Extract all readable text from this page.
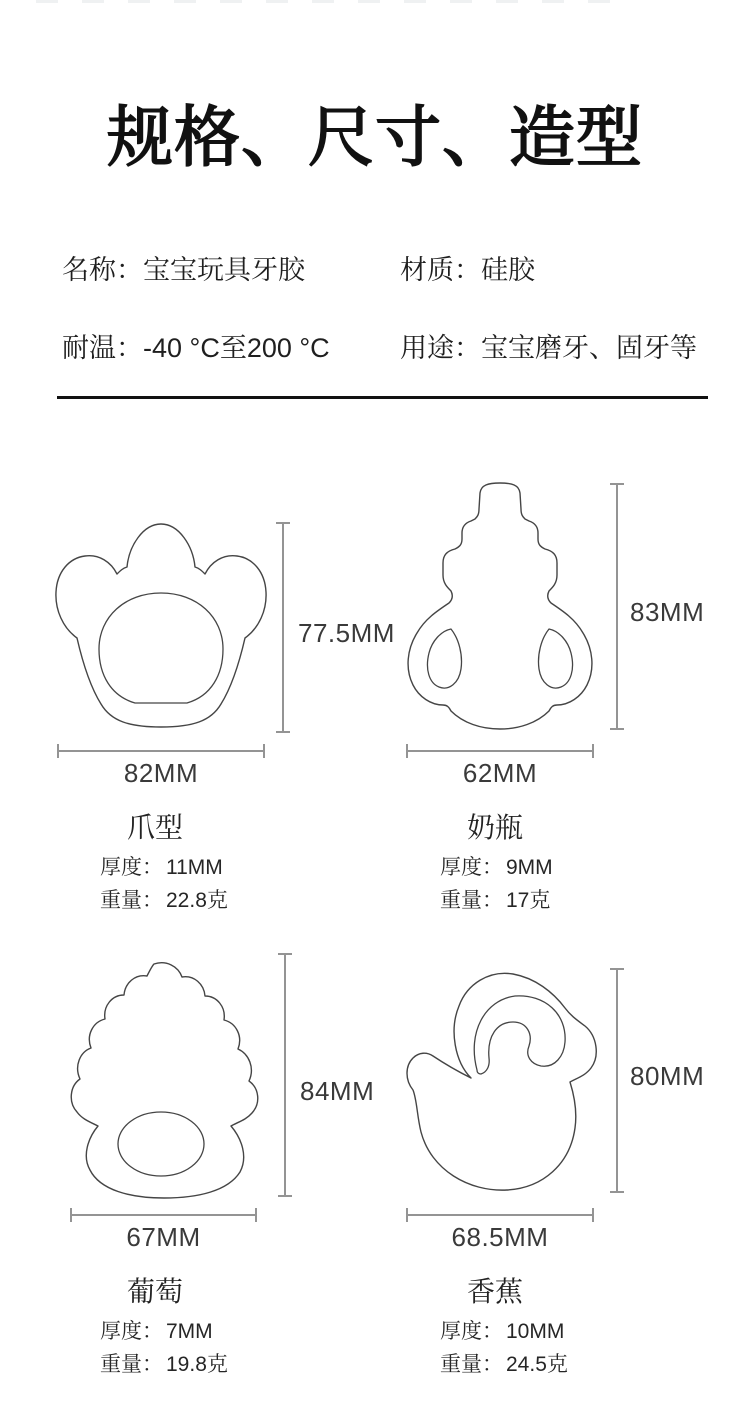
规格、尺寸、造型
名称：宝宝玩具牙胶	材质：硅胶
耐温：-40 °C至200 °C	用途：宝宝磨牙、固牙等
77.5MM
82MM
爪型
厚度： 11MM
重量： 22.8克
83MM
62MM
奶瓶
厚度： 9MM
重量： 17克
84MM
67MM
葡萄
厚度： 7MM
重量： 19.8克
80MM
68.5MM
香蕉
厚度： 10MM
重量： 24.5克
